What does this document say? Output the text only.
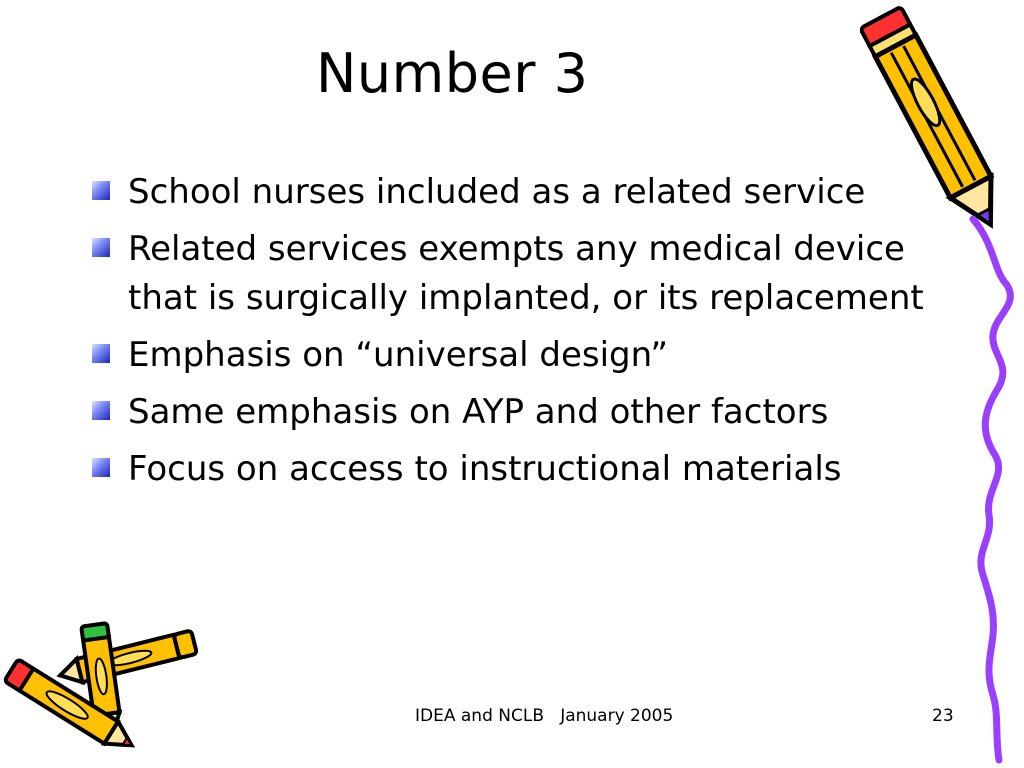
Number 3
School nurses included as a related service
Related services exempts any medical device that is surgically implanted, or its replacement
Emphasis on “universal design”
Same emphasis on AYP and other factors
Focus on access to instructional materials
IDEA and NCLB   January 2005	23
